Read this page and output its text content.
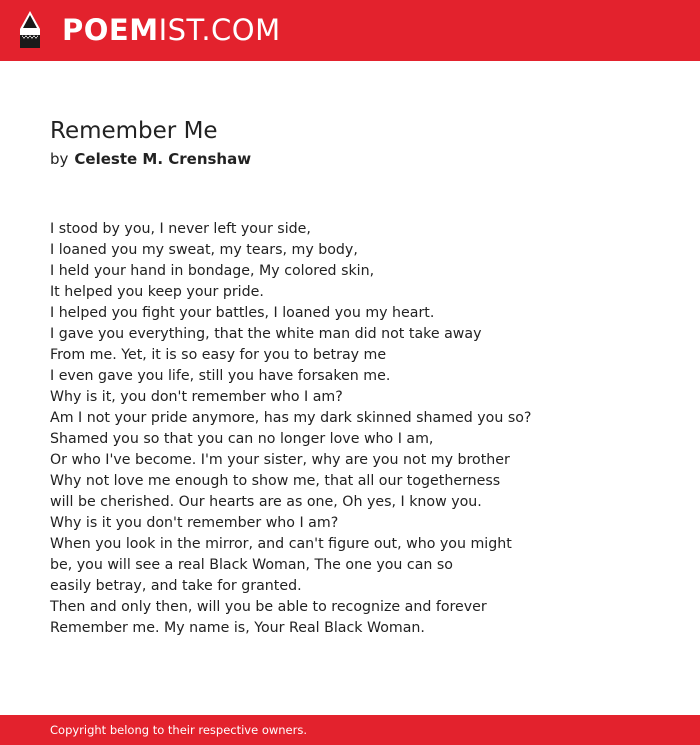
POEMIST.COM
Remember Me
by Celeste M. Crenshaw
I stood by you, I never left your side,
I loaned you my sweat, my tears, my body,
I held your hand in bondage, My colored skin,
It helped you keep your pride.
I helped you fight your battles, I loaned you my heart.
I gave you everything, that the white man did not take away
From me. Yet, it is so easy for you to betray me
I even gave you life, still you have forsaken me.
Why is it, you don't remember who I am?
Am I not your pride anymore, has my dark skinned shamed you so?
Shamed you so that you can no longer love who I am,
Or who I've become. I'm your sister, why are you not my brother
Why not love me enough to show me, that all our togetherness
will be cherished. Our hearts are as one, Oh yes, I know you.
Why is it you don't remember who I am?
When you look in the mirror, and can't figure out, who you might
be, you will see a real Black Woman, The one you can so
easily betray, and take for granted.
Then and only then, will you be able to recognize and forever
Remember me. My name is, Your Real Black Woman.
Copyright belong to their respective owners.
